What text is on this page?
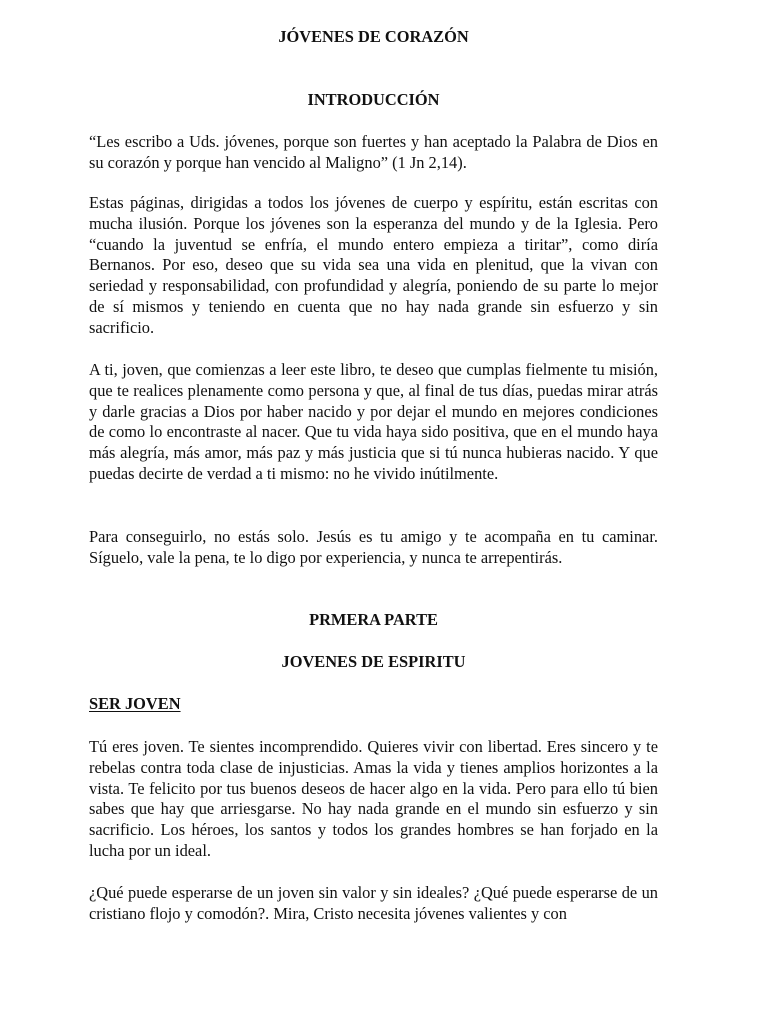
JÓVENES DE CORAZÓN
INTRODUCCIÓN

“Les escribo a Uds. jóvenes, porque son fuertes y han aceptado la Palabra de Dios en su corazón y porque han vencido al Maligno” (1 Jn 2,14).

Estas páginas, dirigidas a todos los jóvenes de cuerpo y espíritu, están escritas con mucha ilusión. Porque los jóvenes son la esperanza del mundo y de la Iglesia. Pero “cuando la juventud se enfría, el mundo entero empieza a tiritar”, como diría Bernanos. Por eso, deseo que su vida sea una vida en plenitud, que la vivan con seriedad y responsabilidad, con profundidad y alegría, poniendo de su parte lo mejor de sí mismos y teniendo en cuenta que no hay nada grande sin esfuerzo y sin sacrificio.

A ti, joven, que comienzas a leer este libro, te deseo que cumplas fielmente tu misión, que te realices plenamente como persona y que, al final de tus días, puedas mirar atrás y darle gracias a Dios por haber nacido y por dejar el mundo en mejores condiciones de como lo encontraste al nacer. Que tu vida haya sido positiva, que en el mundo haya más alegría, más amor, más paz y más justicia que si tú nunca hubieras nacido. Y que puedas decirte de verdad a ti mismo: no he vivido inútilmente.

Para conseguirlo, no estás solo. Jesús es tu amigo y te acompaña en tu caminar. Síguelo, vale la pena, te lo digo por experiencia, y nunca te arrepentirás.

PRMERA PARTE
JOVENES DE ESPIRITU
SER JOVEN

Tú eres joven. Te sientes incomprendido. Quieres vivir con libertad. Eres sincero y te rebelas contra toda clase de injusticias. Amas la vida y tienes amplios horizontes a la vista. Te felicito por tus buenos deseos de hacer algo en la vida. Pero para ello tú bien sabes que hay que arriesgarse. No hay nada grande en el mundo sin esfuerzo y sin sacrificio. Los héroes, los santos y todos los grandes hombres se han forjado en la lucha por un ideal.

¿Qué puede esperarse de un joven sin valor y sin ideales? ¿Qué puede esperarse de un cristiano flojo y comodón?. Mira, Cristo necesita jóvenes valientes y con
